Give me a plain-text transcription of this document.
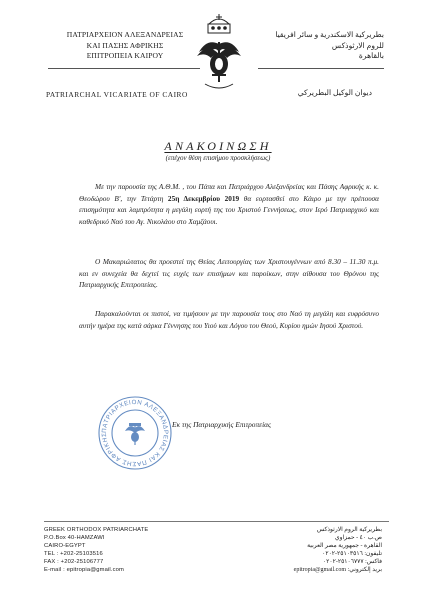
ΠΑΤΡΙΑΡΧΕΙΟΝ ΑΛΕΞΑΝΔΡΕΙΑΣ
ΚΑΙ ΠΑΣΗΣ ΑΦΡΙΚΗΣ
ΕΠΙΤΡΟΠΕΙΑ ΚΑΙΡΟΥ
PATRIARCHAL VICARIATE OF CAIRO
بطريركية الاسكندرية و سائر افريقيا
للروم الارثوذكس
بالقاهرة
ديوان الوكيل البطريركي
ΑΝΑΚΟΙΝΩΣΗ
(επέχον θέση επισήμου προσκλήσεως)
Με την παρουσία της Α.Θ.Μ. , του Πάπα και Πατριάρχου Αλεξανδρείας και Πάσης Αφρικής κ. κ. Θεοδώρου Β', την Τετάρτη 25η Δεκεμβρίου 2019 θα εορτασθεί στο Κάιρο με την πρέπουσα επισημότητα και λαμπρότητα η μεγάλη εορτή της του Χριστού Γεννήσεως, στον Ιερό Πατριαρχικό και καθεδρικό Ναό του Αγ. Νικολάου στο Χαμζάουι.
Ο Μακαριώτατος θα προεστεί της Θείας Λειτουργίας των Χριστουγέννων από 8.30 – 11.30 π.μ. και εν συνεχεία θα δεχτεί τις ευχές των επισήμων και παροίκων, στην αίθουσα του Θρόνου της Πατριαρχικής Επιτροπείας.
Παρακαλούνται οι πιστοί, να τιμήσουν με την παρουσία τους στο Ναό τη μεγάλη και ευφρόσυνο αυτήν ημέρα της κατά σάρκα Γέννησης του Υιού και Λόγου του Θεού, Κυρίου ημών Ιησού Χριστού.
ΠΑΤΡΙΑΡΧΕΙΟΝ ΑΛΕΞΑΝΔΡΕΙΑΣ ΚΑΙ ΠΑΣΗΣ ΑΦΡΙΚΗΣ
Εκ της Πατριαρχικής Επιτροπείας
GREEK ORTHODOX PATRIARCHATE
P.O.Box 40-HAMZAWI
CAIRO-EGYPT
TEL : +202-25103516
FAX : +202-25106777
E-mail : epitropia@gmail.com
بطريركية الروم الارثوذكس
ص.ب ٤٠ - حمزاوي
القاهرة - جمهورية مصر العربية
تليفون: ٢٥١٠٣٥١٦-٠٢٠٢
فاكس: ٢٥١٠٦٧٧٧-٠٢٠٢
بريد إلكتروني: epitropia@gmail.com
